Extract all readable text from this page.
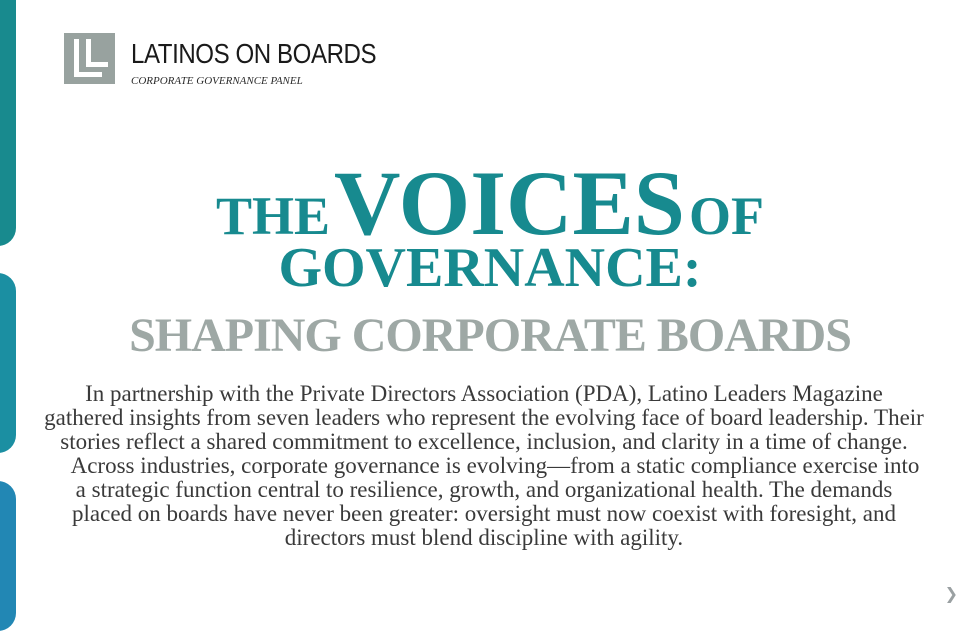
LATINOS ON BOARDS
CORPORATE GOVERNANCE PANEL
THE VOICES OF
GOVERNANCE:
SHAPING CORPORATE BOARDS

In partnership with the Private Directors Association (PDA), Latino Leaders Magazine gathered insights from seven leaders who represent the evolving face of board leadership. Their stories reflect a shared commitment to excellence, inclusion, and clarity in a time of change.

Across industries, corporate governance is evolving—from a static compliance exercise into a strategic function central to resilience, growth, and organizational health. The demands placed on boards have never been greater: oversight must now coexist with foresight, and directors must blend discipline with agility.

❯
